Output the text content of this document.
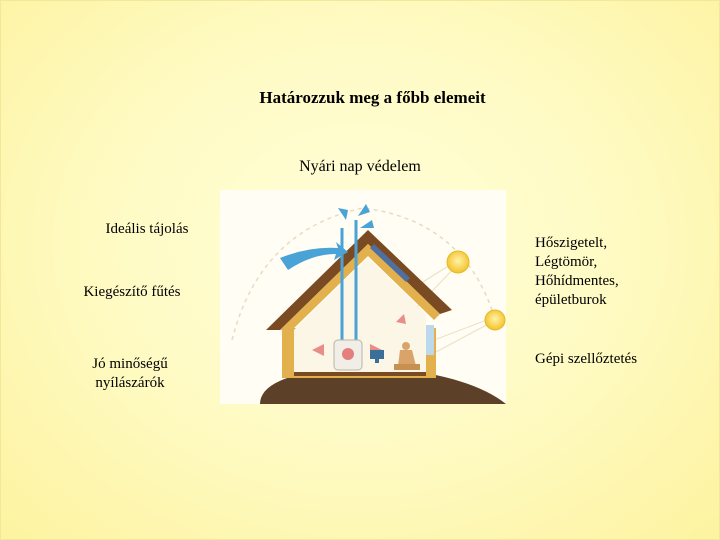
Határozzuk meg a főbb elemeit
Nyári nap védelem
Ideális tájolás
Kiegészítő fűtés
Jó minőségű
nyílászárók
Hőszigetelt,
Légtömör,
Hőhídmentes,
épületburok
Gépi szellőztetés
